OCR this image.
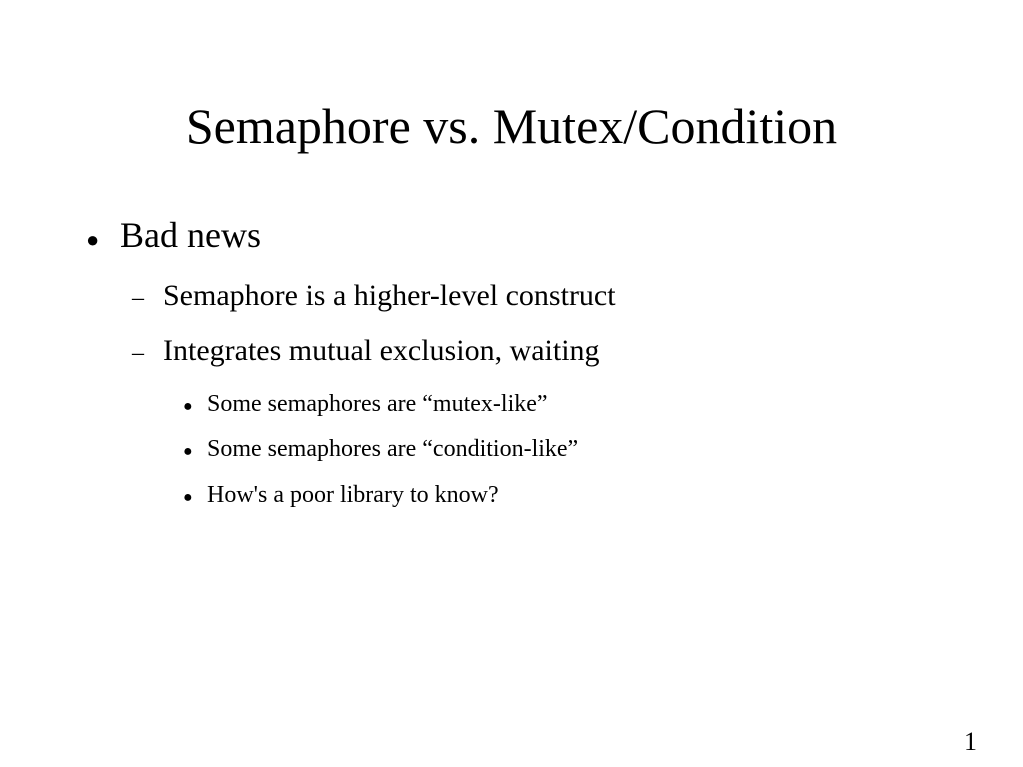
Semaphore vs. Mutex/Condition
● Bad news
– Semaphore is a higher-level construct
– Integrates mutual exclusion, waiting
● Some semaphores are “mutex-like”
● Some semaphores are “condition-like”
● How's a poor library to know?
1
